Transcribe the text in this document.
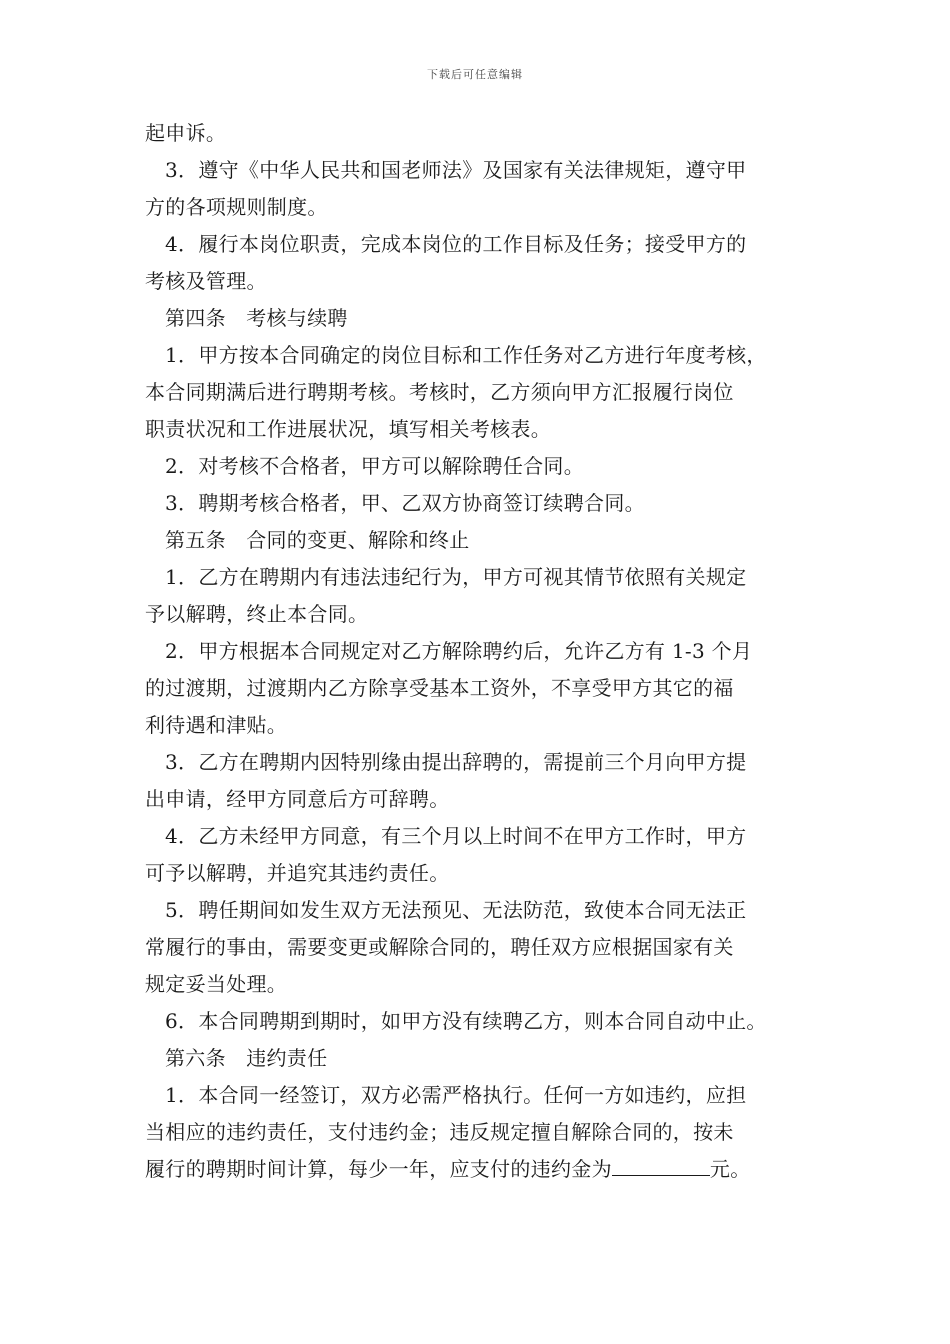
下载后可任意编辑
起申诉。
3．遵守《中华人民共和国老师法》及国家有关法律规矩，遵守甲
方的各项规则制度。
4．履行本岗位职责，完成本岗位的工作目标及任务；接受甲方的
考核及管理。
第四条　考核与续聘
1．甲方按本合同确定的岗位目标和工作任务对乙方进行年度考核，
本合同期满后进行聘期考核。考核时，乙方须向甲方汇报履行岗位
职责状况和工作进展状况，填写相关考核表。
2．对考核不合格者，甲方可以解除聘任合同。
3．聘期考核合格者，甲、乙双方协商签订续聘合同。
第五条　合同的变更、解除和终止
1．乙方在聘期内有违法违纪行为，甲方可视其情节依照有关规定
予以解聘，终止本合同。
2．甲方根据本合同规定对乙方解除聘约后，允许乙方有 1-3 个月
的过渡期，过渡期内乙方除享受基本工资外，不享受甲方其它的福
利待遇和津贴。
3．乙方在聘期内因特别缘由提出辞聘的，需提前三个月向甲方提
出申请，经甲方同意后方可辞聘。
4．乙方未经甲方同意，有三个月以上时间不在甲方工作时，甲方
可予以解聘，并追究其违约责任。
5．聘任期间如发生双方无法预见、无法防范，致使本合同无法正
常履行的事由，需要变更或解除合同的，聘任双方应根据国家有关
规定妥当处理。
6．本合同聘期到期时，如甲方没有续聘乙方，则本合同自动中止。
第六条　违约责任
1．本合同一经签订，双方必需严格执行。任何一方如违约，应担
当相应的违约责任，支付违约金；违反规定擅自解除合同的，按未
履行的聘期时间计算，每少一年，应支付的违约金为	元。
